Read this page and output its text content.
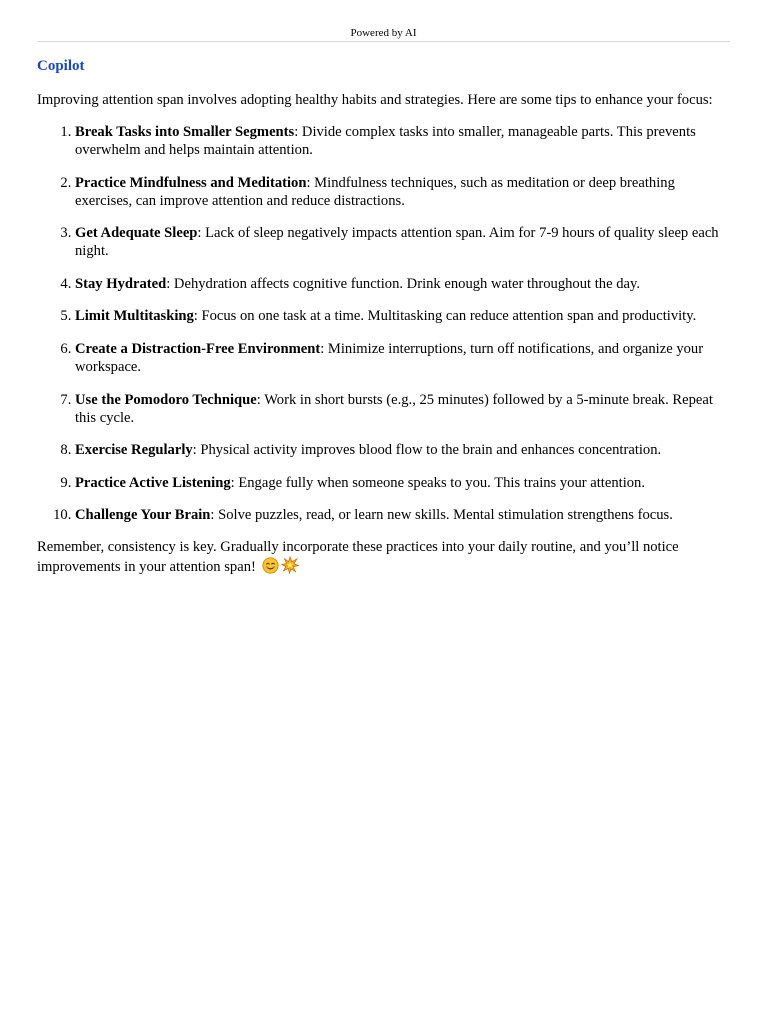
Powered by AI
Copilot

Improving attention span involves adopting healthy habits and strategies. Here are some tips to enhance your focus:

1. Break Tasks into Smaller Segments: Divide complex tasks into smaller, manageable parts. This prevents overwhelm and helps maintain attention.
2. Practice Mindfulness and Meditation: Mindfulness techniques, such as meditation or deep breathing exercises, can improve attention and reduce distractions.
3. Get Adequate Sleep: Lack of sleep negatively impacts attention span. Aim for 7-9 hours of quality sleep each night.
4. Stay Hydrated: Dehydration affects cognitive function. Drink enough water throughout the day.
5. Limit Multitasking: Focus on one task at a time. Multitasking can reduce attention span and productivity.
6. Create a Distraction-Free Environment: Minimize interruptions, turn off notifications, and organize your workspace.
7. Use the Pomodoro Technique: Work in short bursts (e.g., 25 minutes) followed by a 5-minute break. Repeat this cycle.
8. Exercise Regularly: Physical activity improves blood flow to the brain and enhances concentration.
9. Practice Active Listening: Engage fully when someone speaks to you. This trains your attention.
10. Challenge Your Brain: Solve puzzles, read, or learn new skills. Mental stimulation strengthens focus.

Remember, consistency is key. Gradually incorporate these practices into your daily routine, and you’ll notice improvements in your attention span!
